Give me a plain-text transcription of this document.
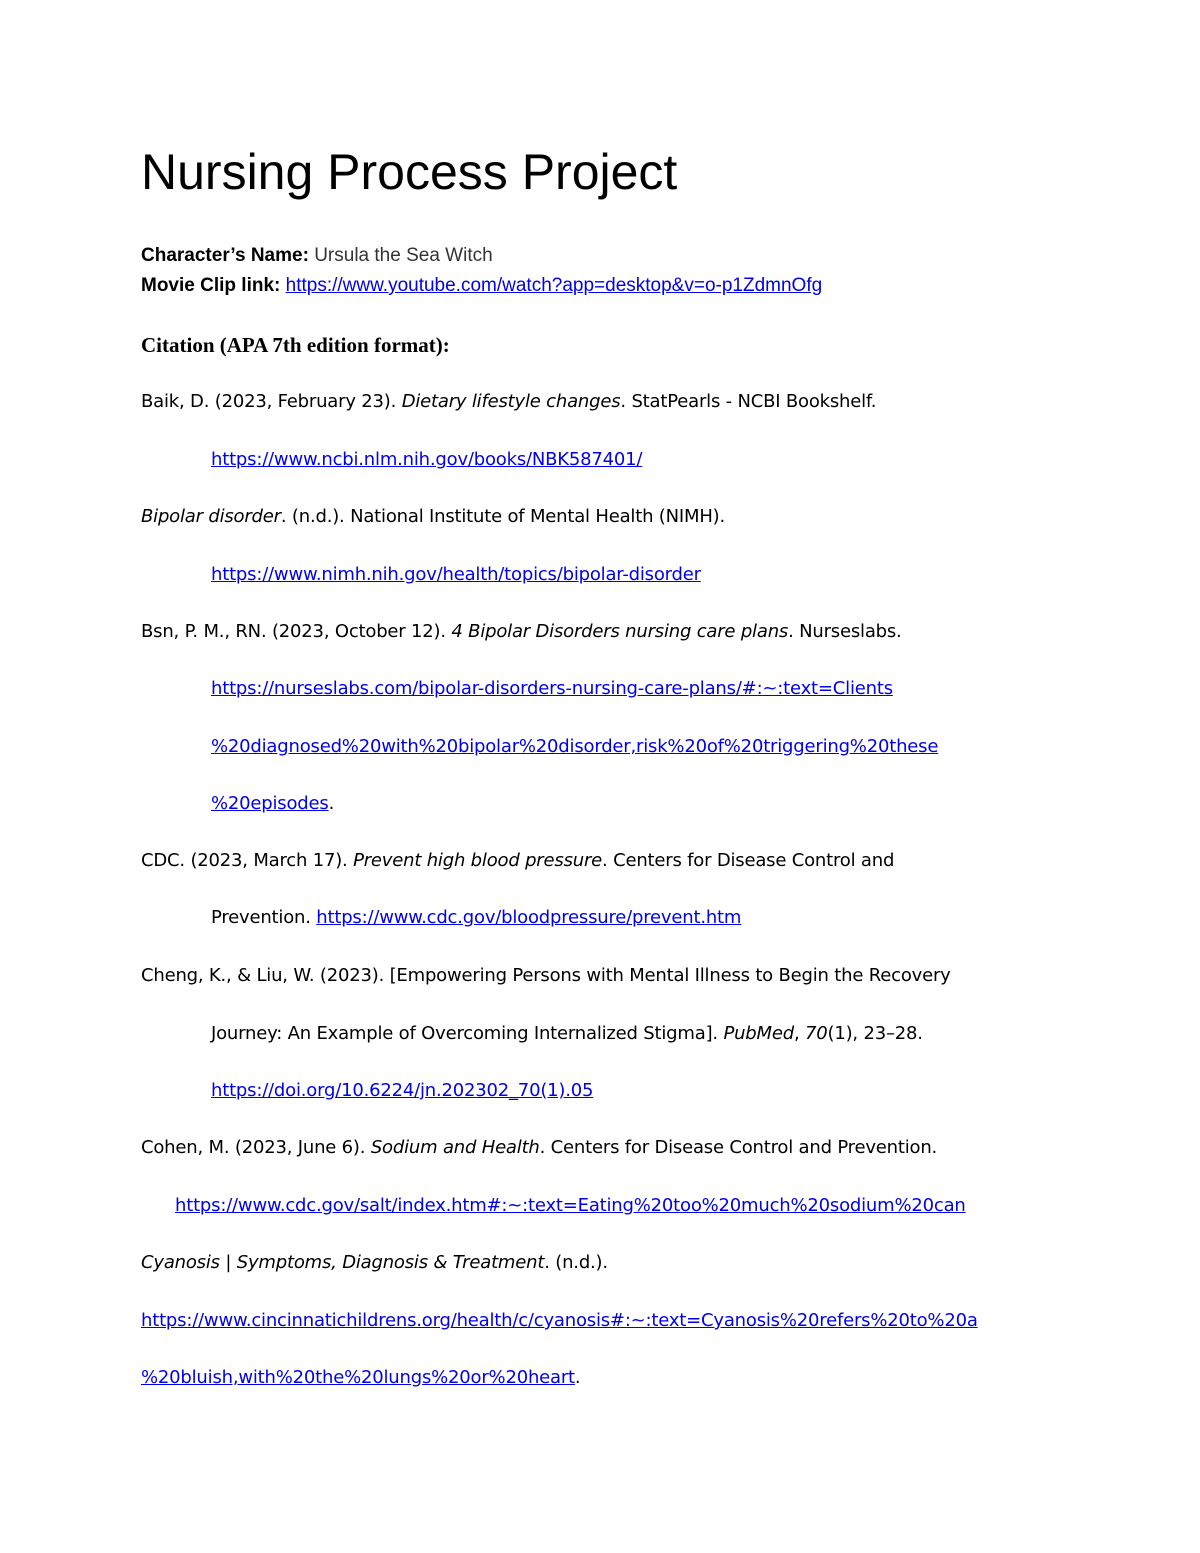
Nursing Process Project
Character’s Name: Ursula the Sea Witch
Movie Clip link: https://www.youtube.com/watch?app=desktop&v=o-p1ZdmnOfg
Citation (APA 7th edition format):
Baik, D. (2023, February 23). Dietary lifestyle changes. StatPearls - NCBI Bookshelf.
https://www.ncbi.nlm.nih.gov/books/NBK587401/
Bipolar disorder. (n.d.). National Institute of Mental Health (NIMH).
https://www.nimh.nih.gov/health/topics/bipolar-disorder
Bsn, P. M., RN. (2023, October 12). 4 Bipolar Disorders nursing care plans. Nurseslabs.
https://nurseslabs.com/bipolar-disorders-nursing-care-plans/#:~:text=Clients
%20diagnosed%20with%20bipolar%20disorder,risk%20of%20triggering%20these
%20episodes.
CDC. (2023, March 17). Prevent high blood pressure. Centers for Disease Control and
Prevention. https://www.cdc.gov/bloodpressure/prevent.htm
Cheng, K., & Liu, W. (2023). [Empowering Persons with Mental Illness to Begin the Recovery
Journey: An Example of Overcoming Internalized Stigma]. PubMed, 70(1), 23–28.
https://doi.org/10.6224/jn.202302_70(1).05
Cohen, M. (2023, June 6). Sodium and Health. Centers for Disease Control and Prevention.
https://www.cdc.gov/salt/index.htm#:~:text=Eating%20too%20much%20sodium%20can
Cyanosis | Symptoms, Diagnosis & Treatment. (n.d.).
https://www.cincinnatichildrens.org/health/c/cyanosis#:~:text=Cyanosis%20refers%20to%20a
%20bluish,with%20the%20lungs%20or%20heart.
